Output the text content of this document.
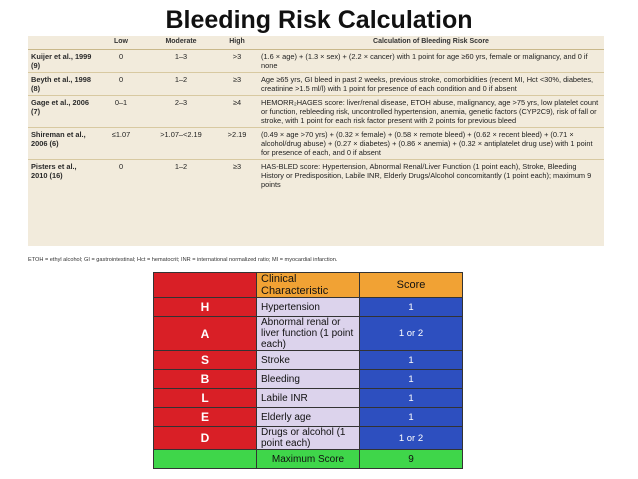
Bleeding Risk Calculation
	Low	Moderate	High	Calculation of Bleeding Risk Score
Kuijer et al., 1999 (9)	0	1–3	>3	(1.6 × age) + (1.3 × sex) + (2.2 × cancer) with 1 point for age ≥60 yrs, female or malignancy, and 0 if none
Beyth et al., 1998 (8)	0	1–2	≥3	Age ≥65 yrs, GI bleed in past 2 weeks, previous stroke, comorbidities (recent MI, Hct <30%, diabetes, creatinine >1.5 ml/l) with 1 point for presence of each condition and 0 if absent
Gage et al., 2006 (7)	0–1	2–3	≥4	HEMORR₂HAGES score: liver/renal disease, ETOH abuse, malignancy, age >75 yrs, low platelet count or function, rebleeding risk, uncontrolled hypertension, anemia, genetic factors (CYP2C9), risk of fall or stroke, with 1 point for each risk factor present with 2 points for previous bleed
Shireman et al., 2006 (6)	≤1.07	>1.07–<2.19	>2.19	(0.49 × age >70 yrs) + (0.32 × female) + (0.58 × remote bleed) + (0.62 × recent bleed) + (0.71 × alcohol/drug abuse) + (0.27 × diabetes) + (0.86 × anemia) + (0.32 × antiplatelet drug use) with 1 point for presence of each, and 0 if absent
Pisters et al., 2010 (16)	0	1–2	≥3	HAS-BLED score: Hypertension, Abnormal Renal/Liver Function (1 point each), Stroke, Bleeding History or Predisposition, Labile INR, Elderly Drugs/Alcohol concomitantly (1 point each); maximum 9 points
ETOH = ethyl alcohol; GI = gastrointestinal; Hct = hematocrit; INR = international normalized ratio; MI = myocardial infarction.
	Clinical Characteristic	Score
H	Hypertension	1
A	Abnormal renal or liver function (1 point each)	1 or 2
S	Stroke	1
B	Bleeding	1
L	Labile INR	1
E	Elderly age	1
D	Drugs or alcohol (1 point each)	1 or 2
	Maximum Score	9
